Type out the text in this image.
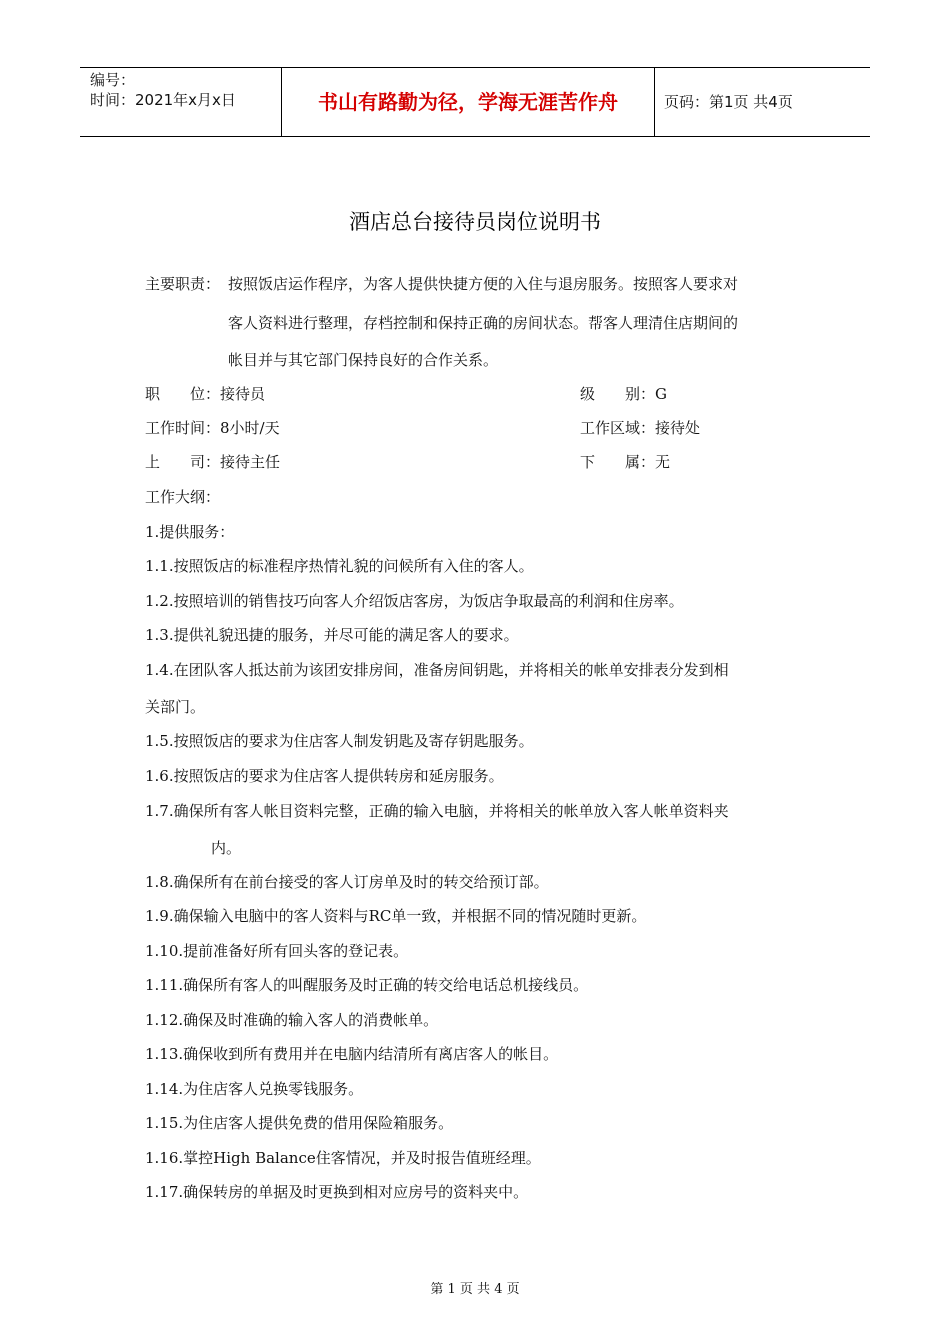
编号：
时间：2021年x月x日	书山有路勤为径，学海无涯苦作舟	页码：第1页 共4页
酒店总台接待员岗位说明书
主要职责： 按照饭店运作程序，为客人提供快捷方便的入住与退房服务。按照客人要求对
客人资料进行整理，存档控制和保持正确的房间状态。帮客人理清住店期间的
帐目并与其它部门保持良好的合作关系。
职　　位：接待员	级　　别：G
工作时间：8小时/天	工作区域：接待处
上　　司：接待主任	下　　属：无
工作大纲：
1.提供服务：
1.1.按照饭店的标准程序热情礼貌的问候所有入住的客人。
1.2.按照培训的销售技巧向客人介绍饭店客房，为饭店争取最高的利润和住房率。
1.3.提供礼貌迅捷的服务，并尽可能的满足客人的要求。
1.4.在团队客人抵达前为该团安排房间，准备房间钥匙，并将相关的帐单安排表分发到相
关部门。
1.5.按照饭店的要求为住店客人制发钥匙及寄存钥匙服务。
1.6.按照饭店的要求为住店客人提供转房和延房服务。
1.7.确保所有客人帐目资料完整，正确的输入电脑，并将相关的帐单放入客人帐单资料夹
内。
1.8.确保所有在前台接受的客人订房单及时的转交给预订部。
1.9.确保输入电脑中的客人资料与RC单一致，并根据不同的情况随时更新。
1.10.提前准备好所有回头客的登记表。
1.11.确保所有客人的叫醒服务及时正确的转交给电话总机接线员。
1.12.确保及时准确的输入客人的消费帐单。
1.13.确保收到所有费用并在电脑内结清所有离店客人的帐目。
1.14.为住店客人兑换零钱服务。
1.15.为住店客人提供免费的借用保险箱服务。
1.16.掌控High Balance住客情况，并及时报告值班经理。
1.17.确保转房的单据及时更换到相对应房号的资料夹中。
第 1 页 共 4 页
